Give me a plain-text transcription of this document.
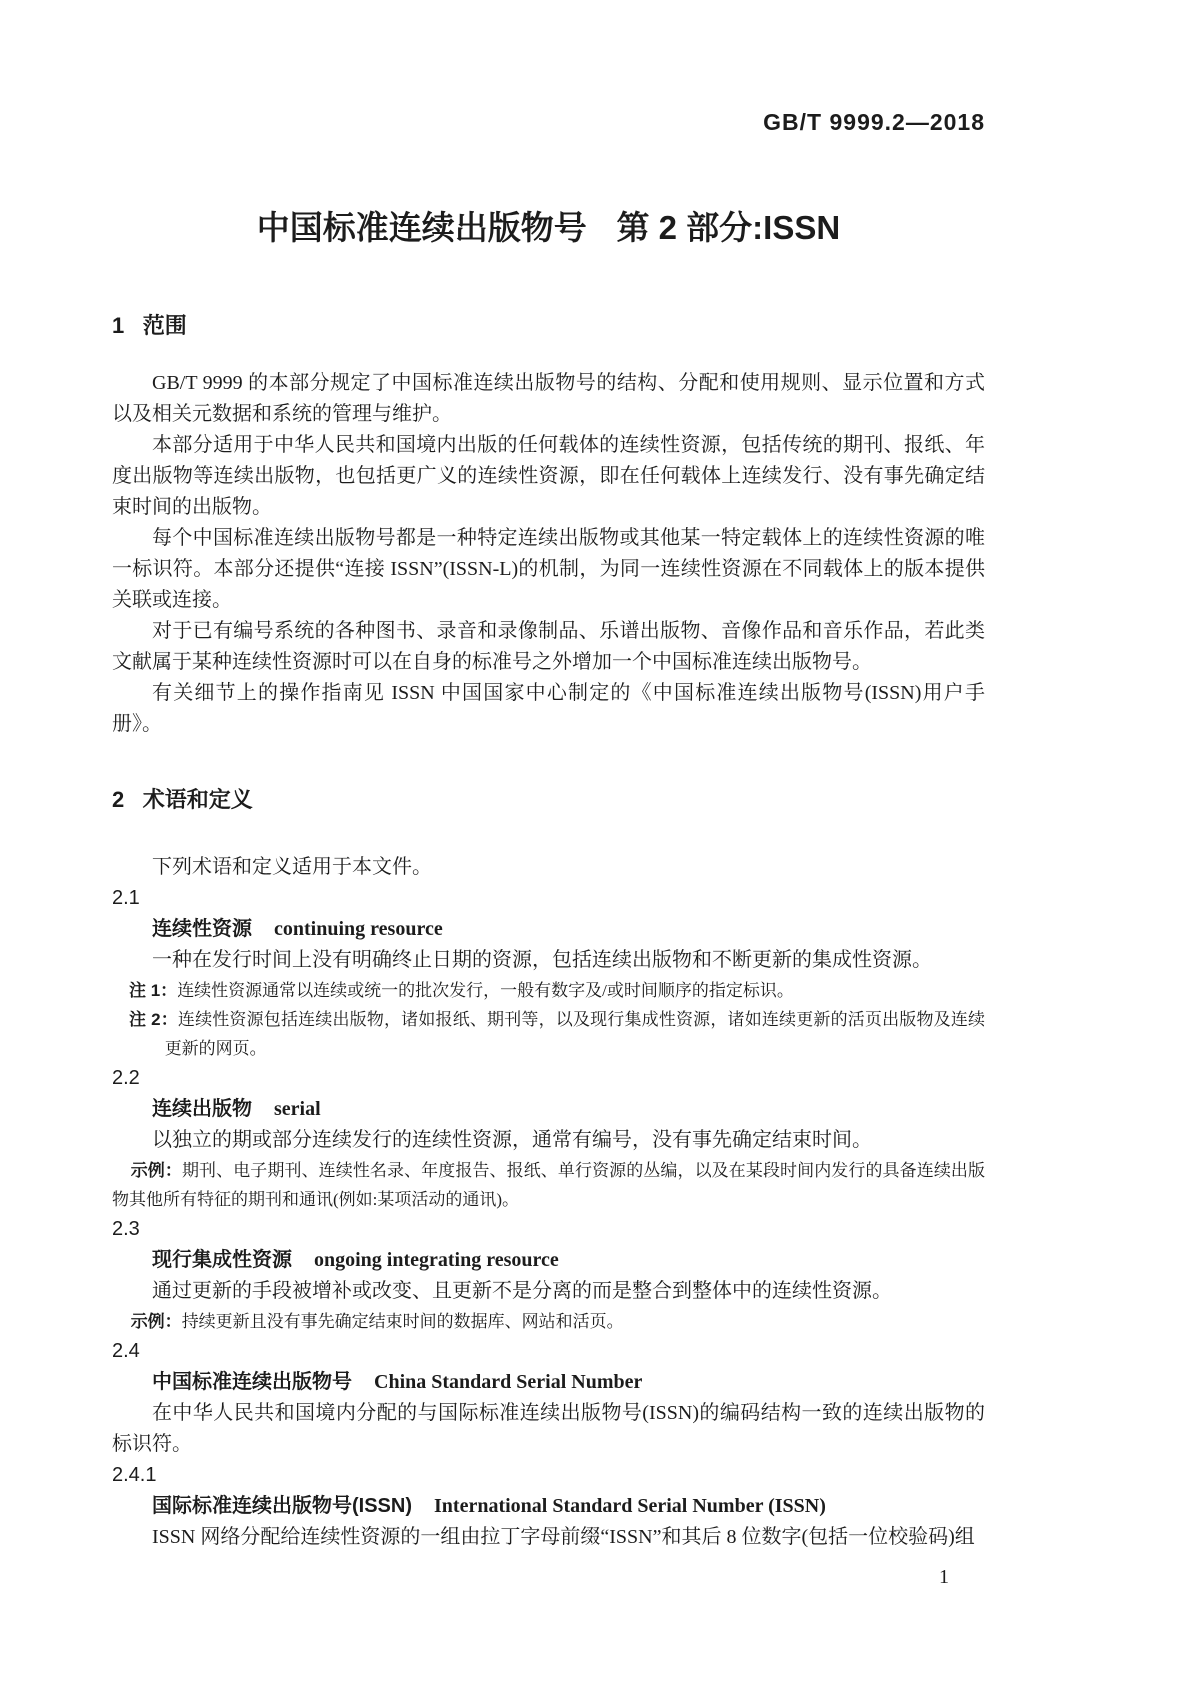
GB/T 9999.2—2018
中国标准连续出版物号 第 2 部分:ISSN
1 范围

GB/T 9999 的本部分规定了中国标准连续出版物号的结构、分配和使用规则、显示位置和方式以及相关元数据和系统的管理与维护。

本部分适用于中华人民共和国境内出版的任何载体的连续性资源，包括传统的期刊、报纸、年度出版物等连续出版物，也包括更广义的连续性资源，即在任何载体上连续发行、没有事先确定结束时间的出版物。

每个中国标准连续出版物号都是一种特定连续出版物或其他某一特定载体上的连续性资源的唯一标识符。本部分还提供“连接 ISSN”(ISSN-L)的机制，为同一连续性资源在不同载体上的版本提供关联或连接。

对于已有编号系统的各种图书、录音和录像制品、乐谱出版物、音像作品和音乐作品，若此类文献属于某种连续性资源时可以在自身的标准号之外增加一个中国标准连续出版物号。

有关细节上的操作指南见 ISSN 中国国家中心制定的《中国标准连续出版物号(ISSN)用户手册》。

2 术语和定义

下列术语和定义适用于本文件。

2.1

连续性资源 continuing resource

一种在发行时间上没有明确终止日期的资源，包括连续出版物和不断更新的集成性资源。

注 1：连续性资源通常以连续或统一的批次发行，一般有数字及/或时间顺序的指定标识。

注 2：连续性资源包括连续出版物，诸如报纸、期刊等，以及现行集成性资源，诸如连续更新的活页出版物及连续更新的网页。

2.2

连续出版物 serial

以独立的期或部分连续发行的连续性资源，通常有编号，没有事先确定结束时间。

示例：期刊、电子期刊、连续性名录、年度报告、报纸、单行资源的丛编，以及在某段时间内发行的具备连续出版物其他所有特征的期刊和通讯(例如:某项活动的通讯)。

2.3

现行集成性资源 ongoing integrating resource

通过更新的手段被增补或改变、且更新不是分离的而是整合到整体中的连续性资源。

示例：持续更新且没有事先确定结束时间的数据库、网站和活页。

2.4

中国标准连续出版物号 China Standard Serial Number

在中华人民共和国境内分配的与国际标准连续出版物号(ISSN)的编码结构一致的连续出版物的标识符。

2.4.1

国际标准连续出版物号(ISSN) International Standard Serial Number (ISSN)

ISSN 网络分配给连续性资源的一组由拉丁字母前缀“ISSN”和其后 8 位数字(包括一位校验码)组

1
